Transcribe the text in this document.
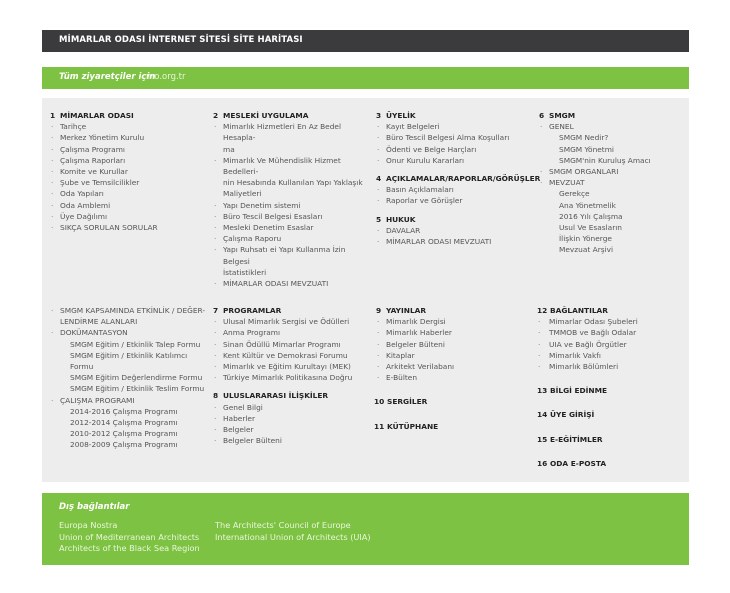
MİMARLAR ODASI İNTERNET SİTESİ SİTE HARİTASI
Tüm ziyaretçiler için
mo.org.tr
1 MİMARLAR ODASI
· Tarihçe
· Merkez Yönetim Kurulu
· Çalışma Programı
· Çalışma Raporları
· Komite ve Kurullar
· Şube ve Temsilcilikler
· Oda Yapıları
· Oda Amblemi
· Üye Dağılımı
· SIKÇA SORULAN SORULAR
2 MESLEKİ UYGULAMA
· Mimarlık Hizmetleri En Az Bedel Hesapla-
ma
· Mimarlık Ve Mühendislik Hizmet Bedelleri-
nin Hesabında Kullanılan Yapı Yaklaşık
Maliyetleri
· Yapı Denetim sistemi
· Büro Tescil Belgesi Esasları
· Mesleki Denetim Esaslar
· Çalışma Raporu
· Yapı Ruhsatı ei Yapı Kullanma İzin Belgesi
İstatistikleri
· MİMARLAR ODASI MEVZUATI
3 ÜYELİK
· Kayıt Belgeleri
· Büro Tescil Belgesi Alma Koşulları
· Ödenti ve Belge Harçları
· Onur Kurulu Kararları
4 AÇIKLAMALAR/RAPORLAR/GÖRÜŞLER
· Basın Açıklamaları
· Raporlar ve Görüşler
5 HUKUK
· DAVALAR
· MİMARLAR ODASI MEVZUATI
6 SMGM
· GENEL
SMGM Nedir?
SMGM Yönetmi
SMGM'nin Kuruluş Amacı
· SMGM ORGANLARI
· MEVZUAT
Gerekçe
Ana Yönetmelik
2016 Yılı Çalışma
Usul Ve Esasların
İlişkin Yönerge
Mevzuat Arşivi
· SMGM KAPSAMINDA ETKİNLİK / DEĞER-
LENDİRME ALANLARI
· DOKÜMANTASYON
SMGM Eğitim / Etkinlik Talep Formu
SMGM Eğitim / Etkinlik Katılımcı
Formu
SMGM Eğitim Değerlendirme Formu
SMGM Eğitim / Etkinlik Teslim Formu
· ÇALIŞMA PROGRAMI
2014-2016 Çalışma Programı
2012-2014 Çalışma Programı
2010-2012 Çalışma Programı
2008-2009 Çalışma Programı
7 PROGRAMLAR
· Ulusal Mimarlık Sergisi ve Ödülleri
· Anma Programı
· Sinan Ödüllü Mimarlar Programı
· Kent Kültür ve Demokrasi Forumu
· Mimarlık ve Eğitim Kurultayı (MEK)
· Türkiye Mimarlık Politikasına Doğru
8 ULUSLARARASI İLİŞKİLER
· Genel Bilgi
· Haberler
· Belgeler
· Belgeler Bülteni
9 YAYINLAR
· Mimarlık Dergisi
· Mimarlık Haberler
· Belgeler Bülteni
· Kitaplar
· Arkitekt Verilabanı
· E-Bülten
10 SERGİLER
11 KÜTÜPHANE
12 BAĞLANTILAR
· Mimarlar Odası Şubeleri
· TMMOB ve Bağlı Odalar
· UIA ve Bağlı Örgütler
· Mimarlık Vakfı
· Mimarlık Bölümleri
13 BİLGİ EDİNME
14 ÜYE GİRİŞİ
15 E-EĞİTİMLER
16 ODA E-POSTA
Dış bağlantılar
Europa Nostra
Union of Mediterranean Architects
Architects of the Black Sea Region
The Architects' Council of Europe
International Union of Architects (UIA)
